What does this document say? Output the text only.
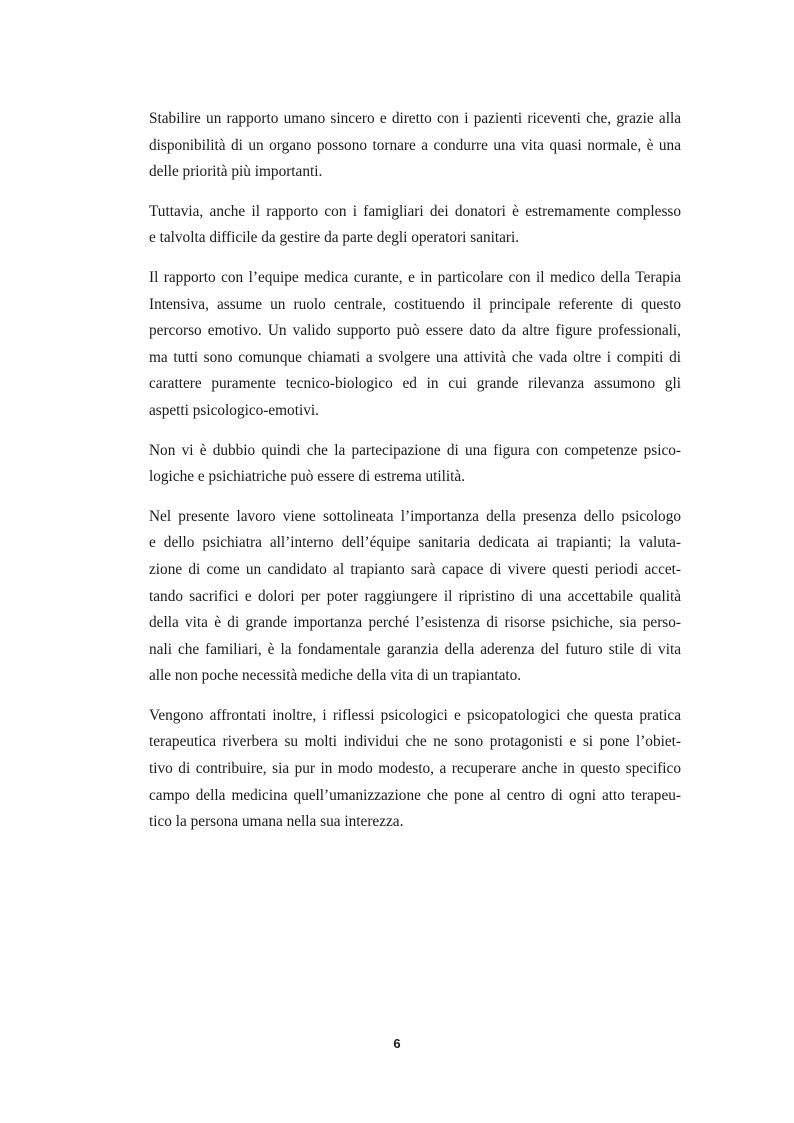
Stabilire un rapporto umano sincero e diretto con i pazienti riceventi che, grazie alla
disponibilità di un organo possono tornare a condurre una vita quasi normale, è una
delle priorità più importanti.

Tuttavia, anche il rapporto con i famigliari dei donatori è estremamente complesso
e talvolta difficile da gestire da parte degli operatori sanitari.

Il rapporto con l’equipe medica curante, e in particolare con il medico della Terapia
Intensiva, assume un ruolo centrale, costituendo il principale referente di questo
percorso emotivo. Un valido supporto può essere dato da altre figure professionali,
ma tutti sono comunque chiamati a svolgere una attività che vada oltre i compiti di
carattere puramente tecnico-biologico ed in cui grande rilevanza assumono gli
aspetti psicologico-emotivi.

Non vi è dubbio quindi che la partecipazione di una figura con competenze psico-
logiche e psichiatriche può essere di estrema utilità.

Nel presente lavoro viene sottolineata l’importanza della presenza dello psicologo
e dello psichiatra all’interno dell’équipe sanitaria dedicata ai trapianti; la valuta-
zione di come un candidato al trapianto sarà capace di vivere questi periodi accet-
tando sacrifici e dolori per poter raggiungere il ripristino di una accettabile qualità
della vita è di grande importanza perché l’esistenza di risorse psichiche, sia perso-
nali che familiari, è la fondamentale garanzia della aderenza del futuro stile di vita
alle non poche necessità mediche della vita di un trapiantato.

Vengono affrontati inoltre, i riflessi psicologici e psicopatologici che questa pratica
terapeutica riverbera su molti individui che ne sono protagonisti e si pone l’obiet-
tivo di contribuire, sia pur in modo modesto, a recuperare anche in questo specifico
campo della medicina quell’umanizzazione che pone al centro di ogni atto terapeu-
tico la persona umana nella sua interezza.

6
